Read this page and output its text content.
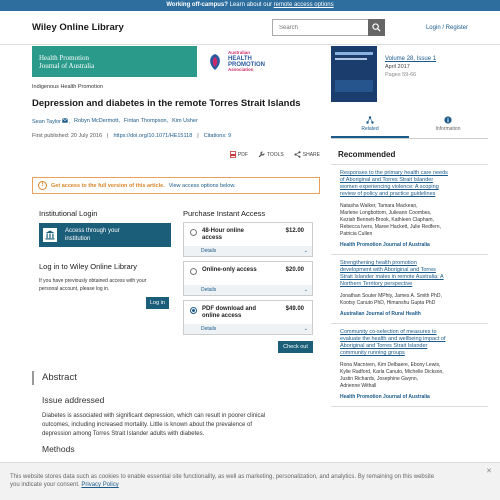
Working off-campus? Learn about our remote access options
Wiley Online Library
Search	Login / Register
Health Promotion
Journal of Australia
Australian
HEALTH
PROMOTION
Association
Indigenous Health Promotion
Depression and diabetes in the remote Torres Strait Islands
Sean Taylor , Robyn McDermott, Fintan Thompson, Kim Usher
First published: 20 July 2016 | https://doi.org/10.1071/HE15118 | Citations: 9
PDF	TOOLS	SHARE
Volume 28, Issue 1
April 2017
Pages 59-66
Related	Information
!	Get access to the full version of this article. View access options below.
Institutional Login
Access through your
institution
Log in to Wiley Online Library
If you have previously obtained access with your
personal account, please log in.
Log in
Purchase Instant Access
48-Hour online
access
$12.00
Details	⌄
Online-only access	$20.00
Details	⌄
PDF download and
online access
$49.00
Details	⌄
Check out
Abstract
Issue addressed
Diabetes is associated with significant depression, which can result in poorer clinical
outcomes, including increased mortality. Little is known about the prevalence of
depression among Torres Strait Islander adults with diabetes.
Methods
Recommended
Responses to the primary health care needs
of Aboriginal and Torres Strait Islander
women experiencing violence: A scoping
review of policy and practice guidelines
Natasha Walker, Tamara Mackean,
Marlene Longbottom, Julieann Coombes,
Keziah Bennett-Brook, Kathleen Clapham,
Rebecca Ivers, Maree Hackett, Julie Redfern,
Patricia Cullen
Health Promotion Journal of Australia
Strengthening health promotion
development with Aboriginal and Torres
Strait Islander males in remote Australia: A
Northern Territory perspective
Jonathan Souter MPhty, James A. Smith PhD,
Kootsy Canuto PhD, Himanshu Gupta PhD
Australian Journal of Rural Health
Community co-selection of measures to
evaluate the health and wellbeing impact of
Aboriginal and Torres Strait Islander
community running groups
Rona Macniven, Kim Delbaere, Ebony Lewis,
Kylie Radford, Karla Canuto, Michelle Dickson,
Justin Richards, Josephine Gwynn,
Adrienne Withall
Health Promotion Journal of Australia
✕
This website stores data such as cookies to enable essential site functionality, as well as marketing, personalization, and analytics. By remaining on this website
you indicate your consent. Privacy Policy
